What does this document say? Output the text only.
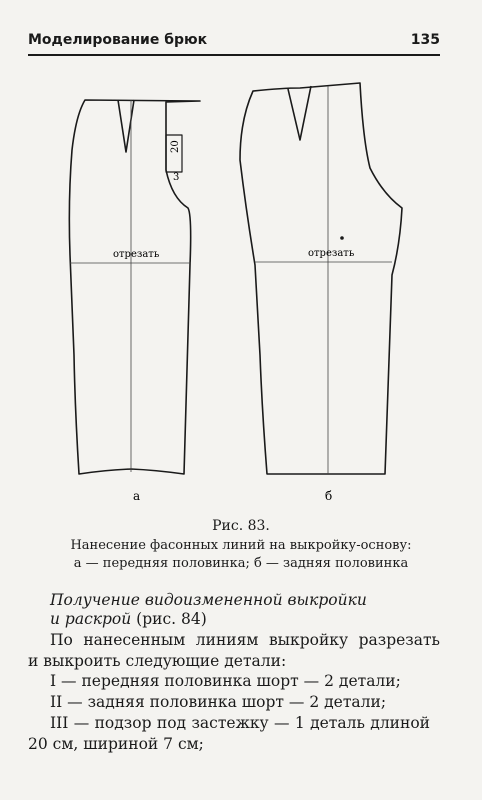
Моделирование брюк	135
отрезать	отрезать
20
3
а	б
Рис. 83.
Нанесение фасонных линий на выкройку-основу:
а — передняя половинка; б — задняя половинка
Получение видоизмененной выкройки
и раскрой (рис. 84)
По нанесенным линиям выкройку разрезать
и выкроить следующие детали:
I — передняя половинка шорт — 2 детали;
II — задняя половинка шорт — 2 детали;
III — подзор под застежку — 1 деталь длиной
20 см, шириной 7 см;
